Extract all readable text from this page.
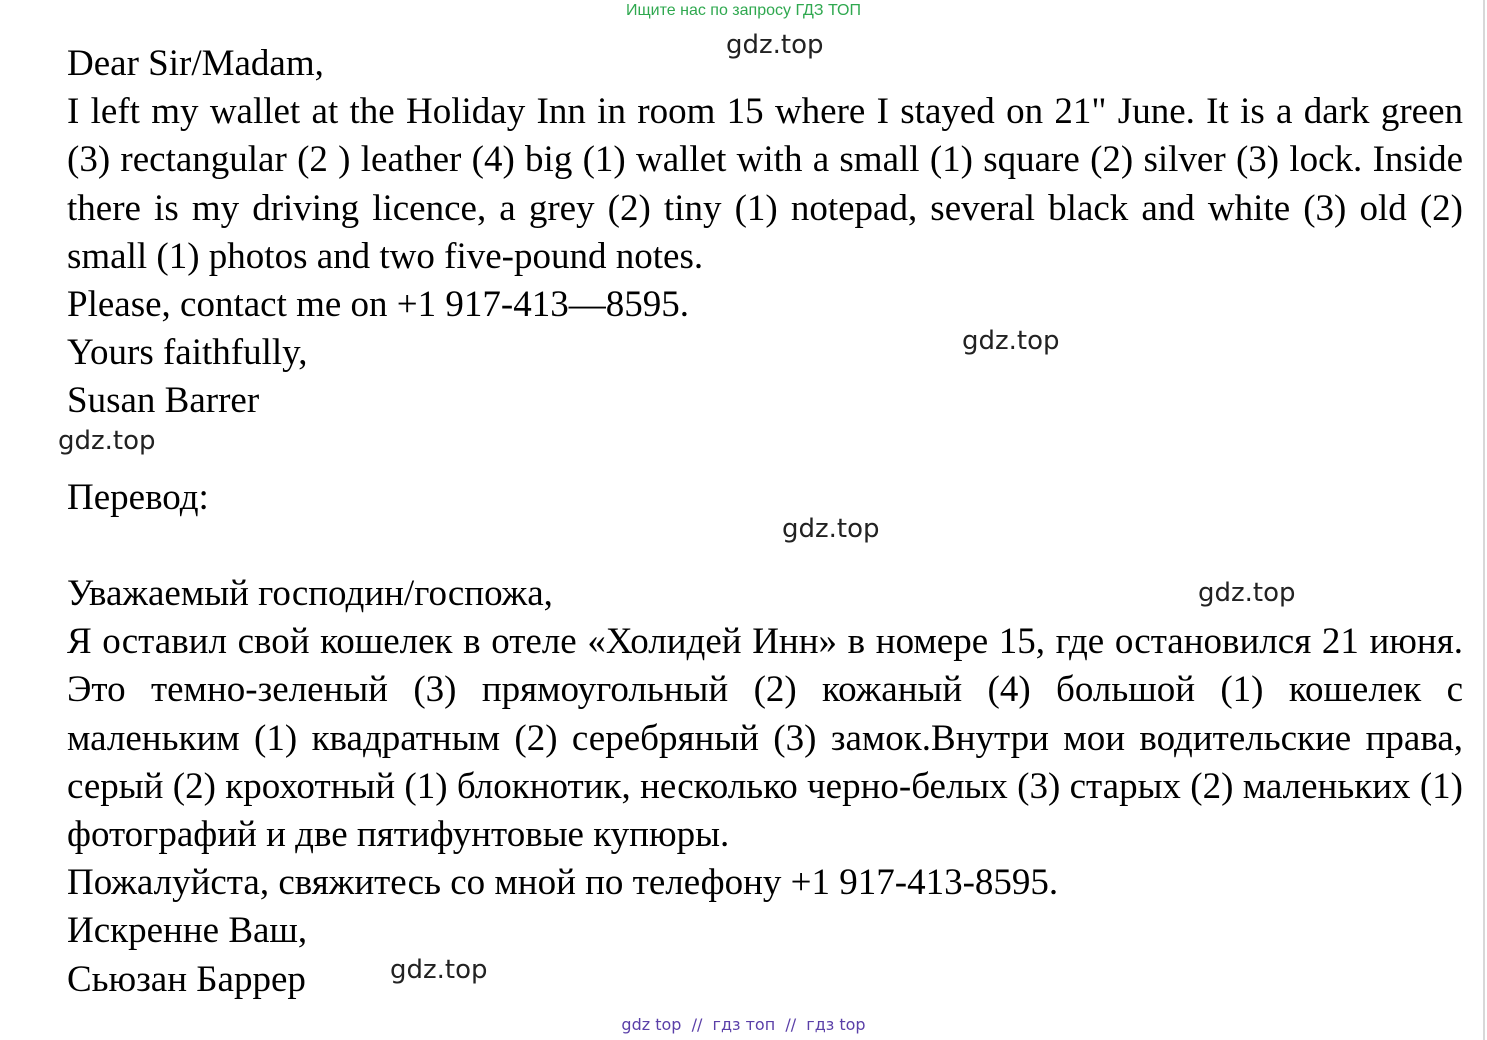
Ищите нас по запросу ГДЗ ТОП

Dear Sir/Madam,

I left my wallet at the Holiday Inn in room 15 where I stayed on 21" June. It is a dark green (3) rectangular (2 ) leather (4) big (1) wallet with a small (1) square (2) silver (3) lock. Inside there is my driving licence, a grey (2) tiny (1) notepad, several black and white (3) old (2) small (1) photos and two five-pound notes.

Please, contact me on +1 917-413—8595.

Yours faithfully,

Susan Barrer

Перевод:

Уважаемый господин/госпожа,

Я оставил свой кошелек в отеле «Холидей Инн» в номере 15, где остановился 21 июня. Это темно-зеленый (3) прямоугольный (2) кожаный (4) большой (1) кошелек с маленьким (1) квадратным (2) серебряный (3) замок.Внутри мои водительские права, серый (2) крохотный (1) блокнотик, несколько черно-белых (3) старых (2) маленьких (1) фотографий и две пятифунтовые купюры.

Пожалуйста, свяжитесь со мной по телефону +1 917-413-8595.

Искренне Ваш,

Сьюзан Баррер

gdz.top
gdz.top
gdz.top
gdz.top
gdz.top
gdz.top
gdz top  //  гдз топ  //  гдз top
